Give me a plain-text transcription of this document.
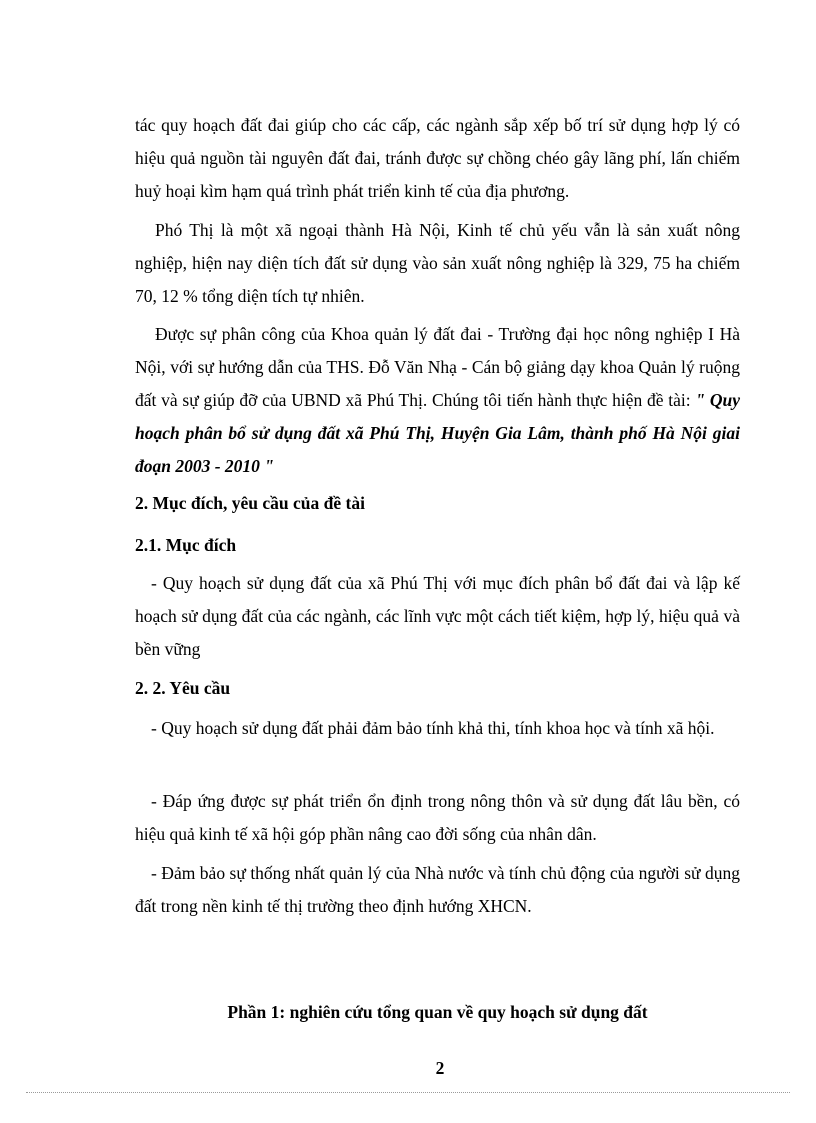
tác quy hoạch đất đai giúp cho các cấp, các ngành sắp xếp bố trí sử dụng hợp lý có hiệu quả nguồn tài nguyên đất đai, tránh được sự chồng chéo gây lãng phí, lấn chiếm huỷ hoại kìm hạm quá trình phát triển kinh tế của địa phương.
Phó Thị là một xã ngoại thành Hà Nội, Kinh tế chủ yếu vẫn là sản xuất nông nghiệp, hiện nay diện tích đất sử dụng vào sản xuất nông nghiệp là 329, 75 ha chiếm 70, 12 % tổng diện tích tự nhiên.
Được sự phân công của Khoa quản lý đất đai - Trường đại học nông nghiệp I Hà Nội, với sự hướng dẫn của THS. Đỗ Văn Nhạ - Cán bộ giảng dạy khoa Quản lý ruộng đất và sự giúp đỡ của UBND xã Phú Thị. Chúng tôi tiến hành thực hiện đề tài: " Quy hoạch phân bổ sử dụng đất xã Phú Thị, Huyện Gia Lâm, thành phố Hà Nội giai đoạn 2003 - 2010 "
2. Mục đích, yêu cầu của đề tài
2.1. Mục đích
- Quy hoạch sử dụng đất của xã Phú Thị với mục đích phân bổ đất đai và lập kế hoạch sử dụng đất của các ngành, các lĩnh vực một cách tiết kiệm, hợp lý, hiệu quả và bền vững
2. 2. Yêu cầu
- Quy hoạch sử dụng đất phải đảm bảo tính khả thi, tính khoa học và tính xã hội.
- Đáp ứng được sự phát triển ổn định trong nông thôn và sử dụng đất lâu bền, có hiệu quả kinh tế xã hội góp phần nâng cao đời sống của nhân dân.
- Đảm bảo sự thống nhất quản lý của Nhà nước và tính chủ động của người sử dụng đất trong nền kinh tế thị trường theo định hướng XHCN.
Phần 1: nghiên cứu tổng quan về quy hoạch sử dụng đất
2
